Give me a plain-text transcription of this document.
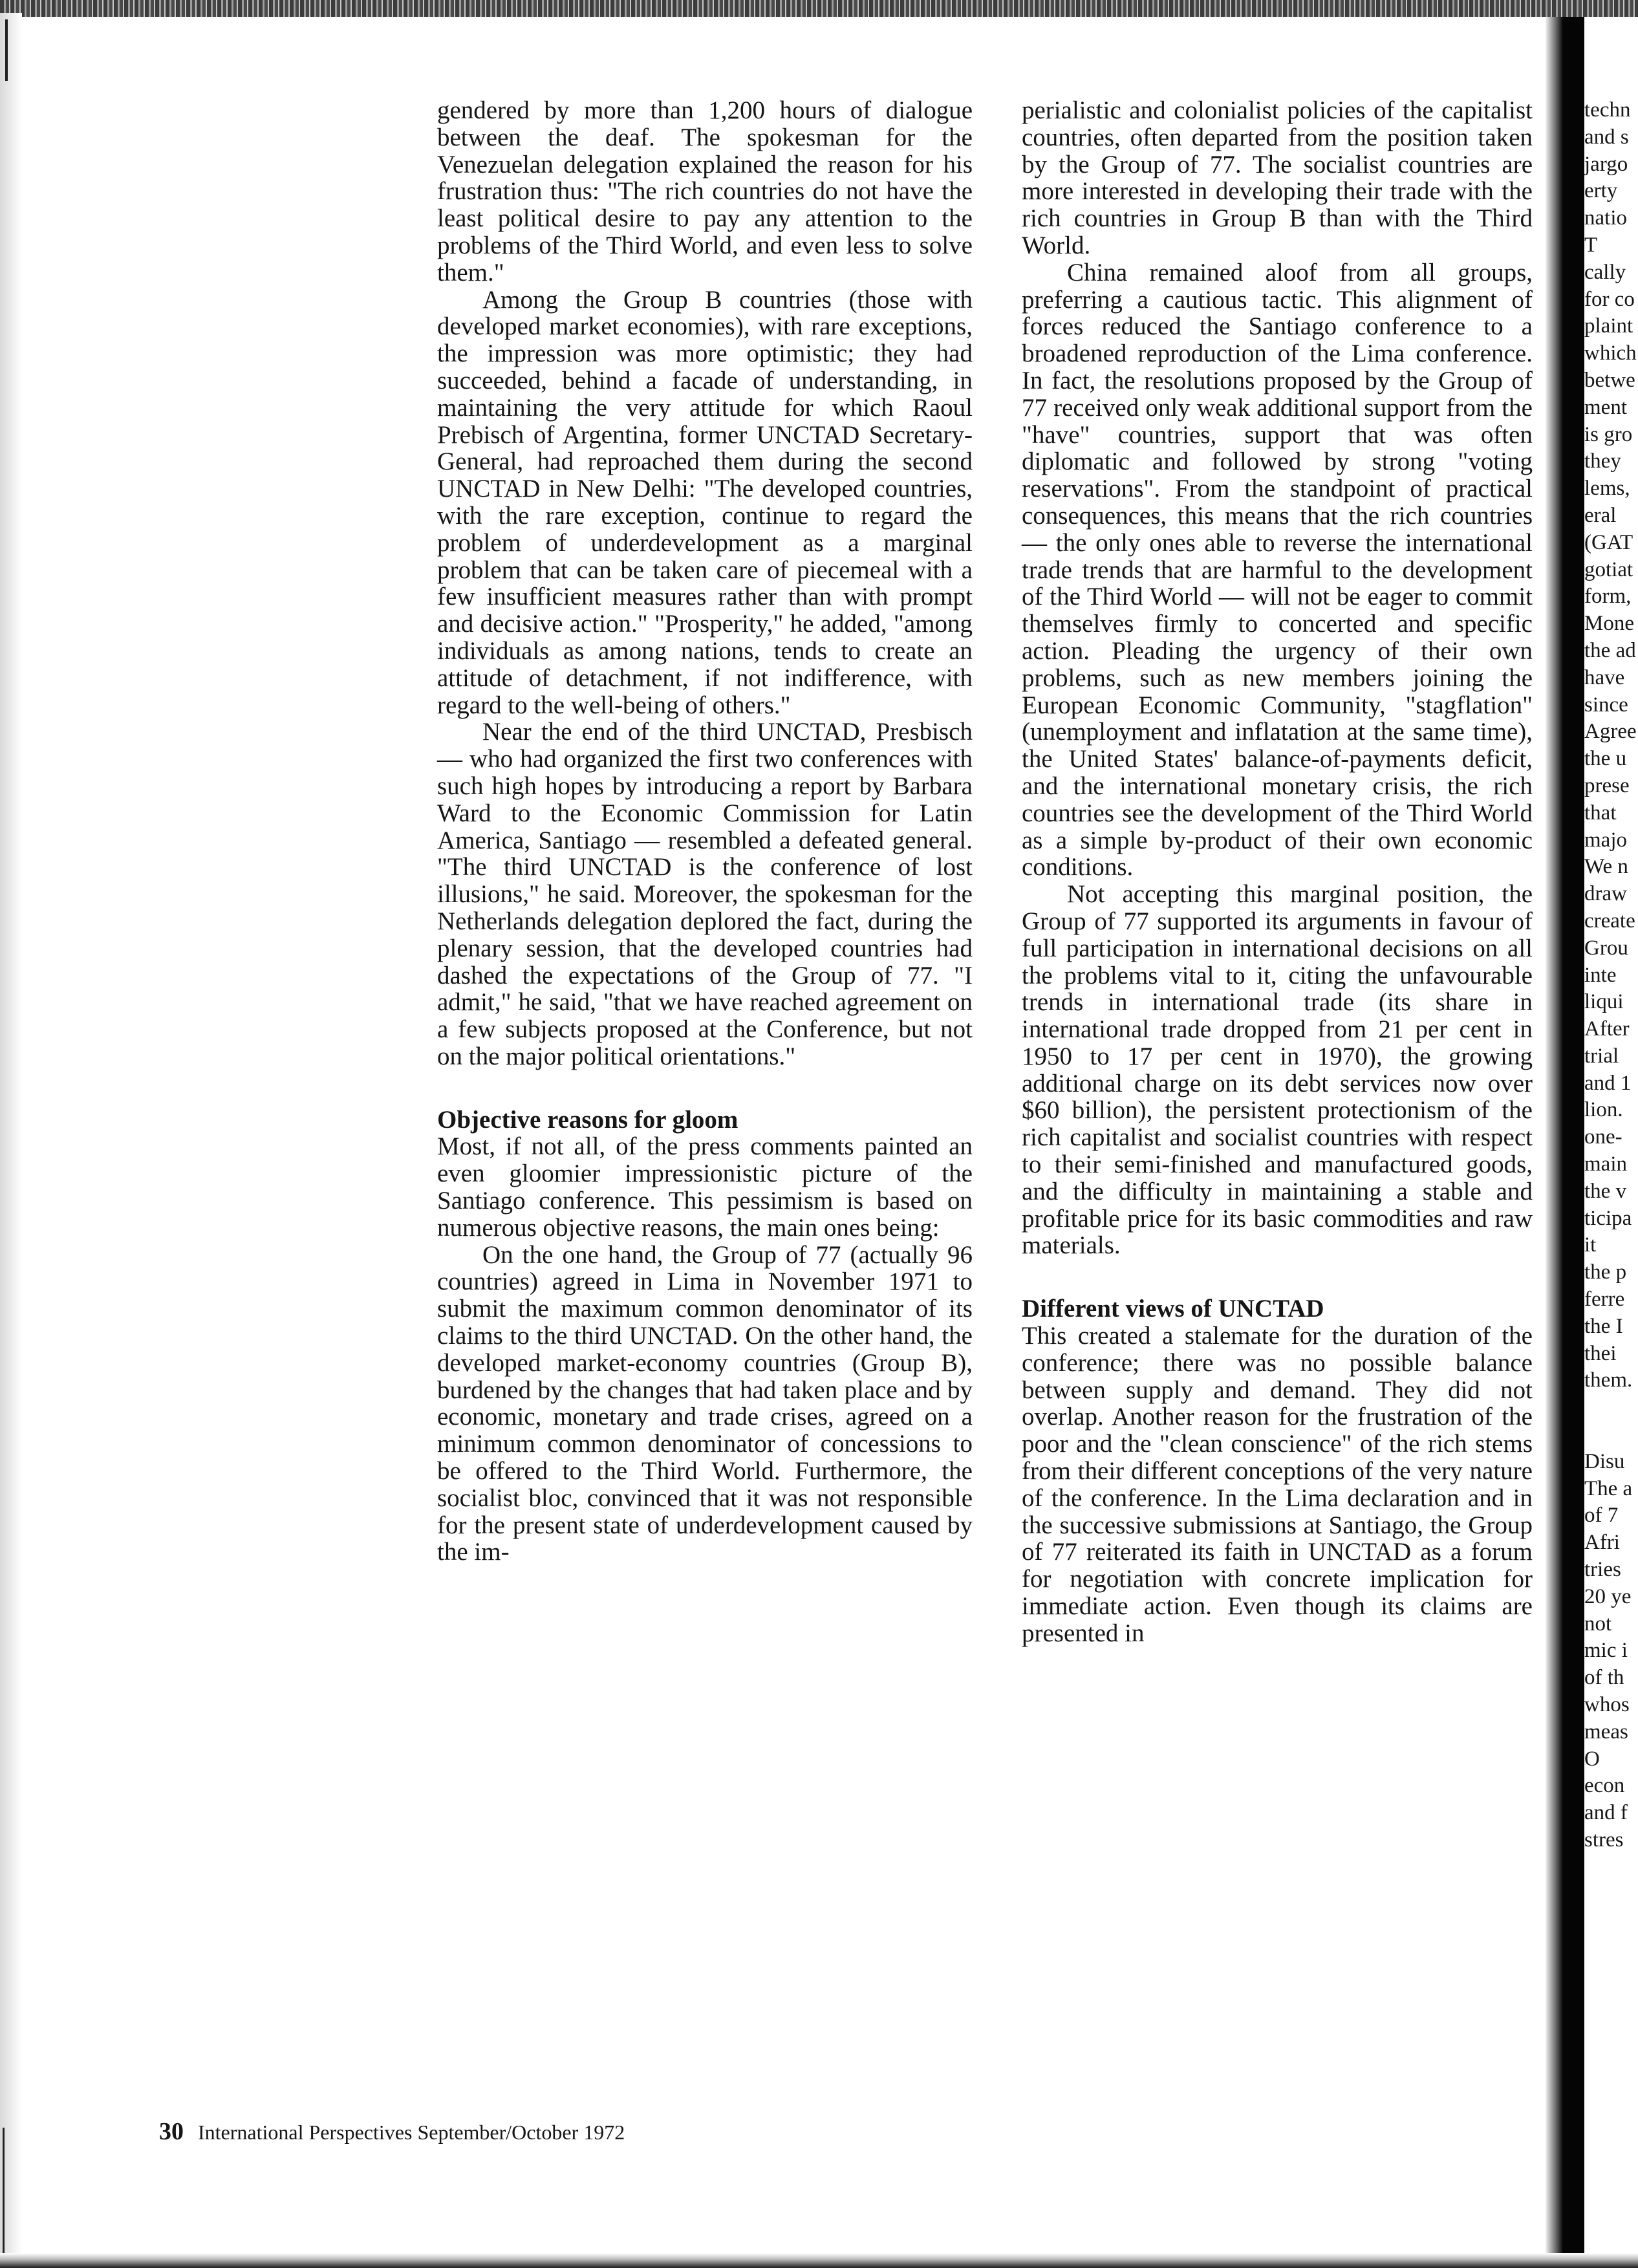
gendered by more than 1,200 hours of dialogue between the deaf. The spokesman for the Venezuelan delegation explained the reason for his frustration thus: "The rich countries do not have the least political desire to pay any attention to the problems of the Third World, and even less to solve them."

Among the Group B countries (those with developed market economies), with rare exceptions, the impression was more optimistic; they had succeeded, behind a facade of understanding, in maintaining the very attitude for which Raoul Prebisch of Argentina, former UNCTAD Secretary-General, had reproached them during the second UNCTAD in New Delhi: "The developed countries, with the rare exception, continue to regard the problem of underdevelopment as a marginal problem that can be taken care of piecemeal with a few insufficient measures rather than with prompt and decisive action." "Prosperity," he added, "among individuals as among nations, tends to create an attitude of detachment, if not indifference, with regard to the well-being of others."

Near the end of the third UNCTAD, Presbisch — who had organized the first two conferences with such high hopes by introducing a report by Barbara Ward to the Economic Commission for Latin America, Santiago — resembled a defeated general. "The third UNCTAD is the conference of lost illusions," he said. Moreover, the spokesman for the Netherlands delegation deplored the fact, during the plenary session, that the developed countries had dashed the expectations of the Group of 77. "I admit," he said, "that we have reached agreement on a few subjects proposed at the Conference, but not on the major political orientations."

Objective reasons for gloom

Most, if not all, of the press comments painted an even gloomier impressionistic picture of the Santiago conference. This pessimism is based on numerous objective reasons, the main ones being:

On the one hand, the Group of 77 (actually 96 countries) agreed in Lima in November 1971 to submit the maximum common denominator of its claims to the third UNCTAD. On the other hand, the developed market-economy countries (Group B), burdened by the changes that had taken place and by economic, monetary and trade crises, agreed on a minimum common denominator of concessions to be offered to the Third World. Furthermore, the socialist bloc, convinced that it was not responsible for the present state of underdevelopment caused by the im-

perialistic and colonialist policies of the capitalist countries, often departed from the position taken by the Group of 77. The socialist countries are more interested in developing their trade with the rich countries in Group B than with the Third World.

China remained aloof from all groups, preferring a cautious tactic. This alignment of forces reduced the Santiago conference to a broadened reproduction of the Lima conference. In fact, the resolutions proposed by the Group of 77 received only weak additional support from the "have" countries, support that was often diplomatic and followed by strong "voting reservations". From the standpoint of practical consequences, this means that the rich countries — the only ones able to reverse the international trade trends that are harmful to the development of the Third World — will not be eager to commit themselves firmly to concerted and specific action. Pleading the urgency of their own problems, such as new members joining the European Economic Community, "stagflation" (unemployment and inflatation at the same time), the United States' balance-of-payments deficit, and the international monetary crisis, the rich countries see the development of the Third World as a simple by-product of their own economic conditions.

Not accepting this marginal position, the Group of 77 supported its arguments in favour of full participation in international decisions on all the problems vital to it, citing the unfavourable trends in international trade (its share in international trade dropped from 21 per cent in 1950 to 17 per cent in 1970), the growing additional charge on its debt services now over $60 billion), the persistent protectionism of the rich capitalist and socialist countries with respect to their semi-finished and manufactured goods, and the difficulty in maintaining a stable and profitable price for its basic commodities and raw materials.

Different views of UNCTAD

This created a stalemate for the duration of the conference; there was no possible balance between supply and demand. They did not overlap. Another reason for the frustration of the poor and the "clean conscience" of the rich stems from their different conceptions of the very nature of the conference. In the Lima declaration and in the successive submissions at Santiago, the Group of 77 reiterated its faith in UNCTAD as a forum for negotiation with concrete implication for immediate action. Even though its claims are presented in

techn
and s
jargo
erty
natio
T
cally
for co
plaint
which
betwe
ment
is gro
they
lems,
eral
(GAT
gotiat
form,
Mone
the ad
have
since
Agree
the u
prese
that
majo
We n
draw
create
Grou
inte
liqui
After
trial
and 1
lion.
one-
main
the v
ticipa
it
the p
ferre
the I
thei
them.

Disu
The a
of 7
Afri
tries
20 ye
not
mic i
of th
whos
meas
O
econ
and f
stres
30 International Perspectives September/October 1972
